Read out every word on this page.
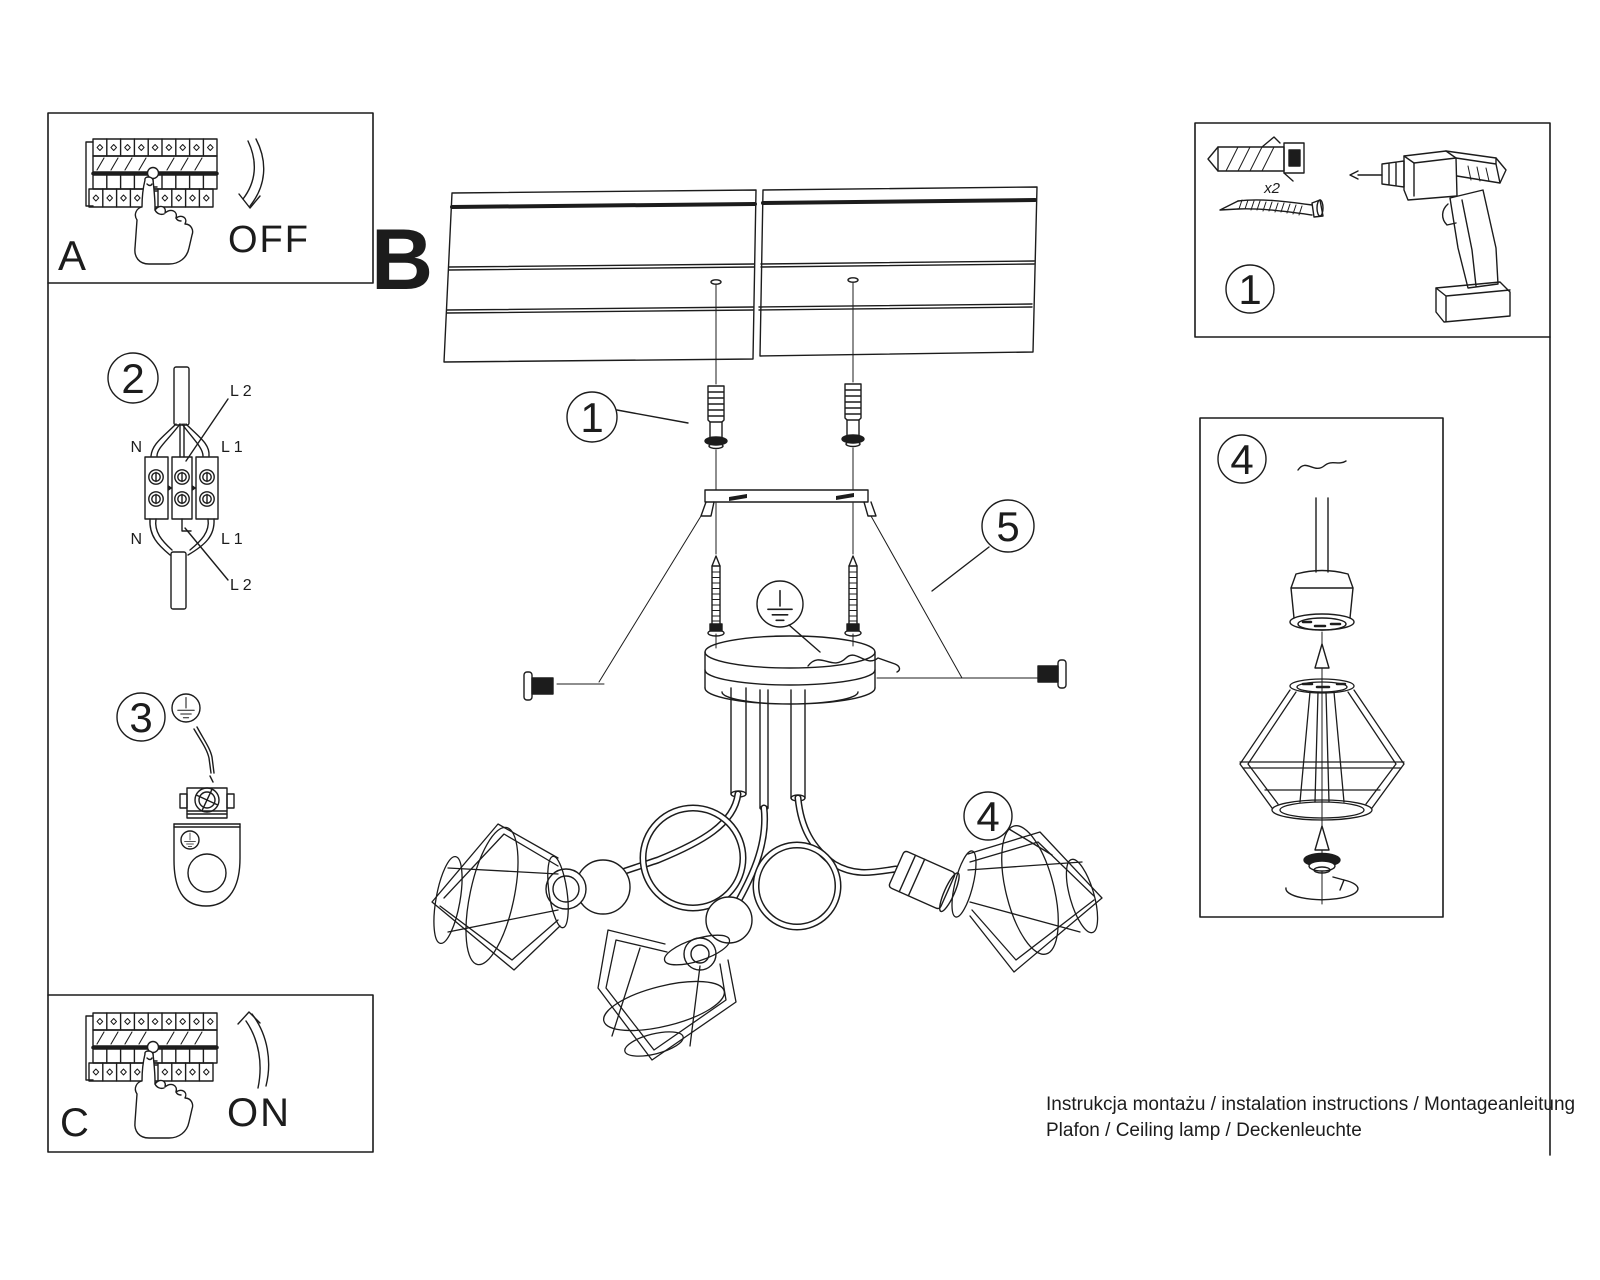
A	OFF
C	ON
2
N	L 1
L 2
N	L 1
L 2
3
B
1
5
4
x2
1
4
Instrukcja montażu / instalation instructions / Montageanleitung
Plafon / Ceiling lamp / Deckenleuchte
